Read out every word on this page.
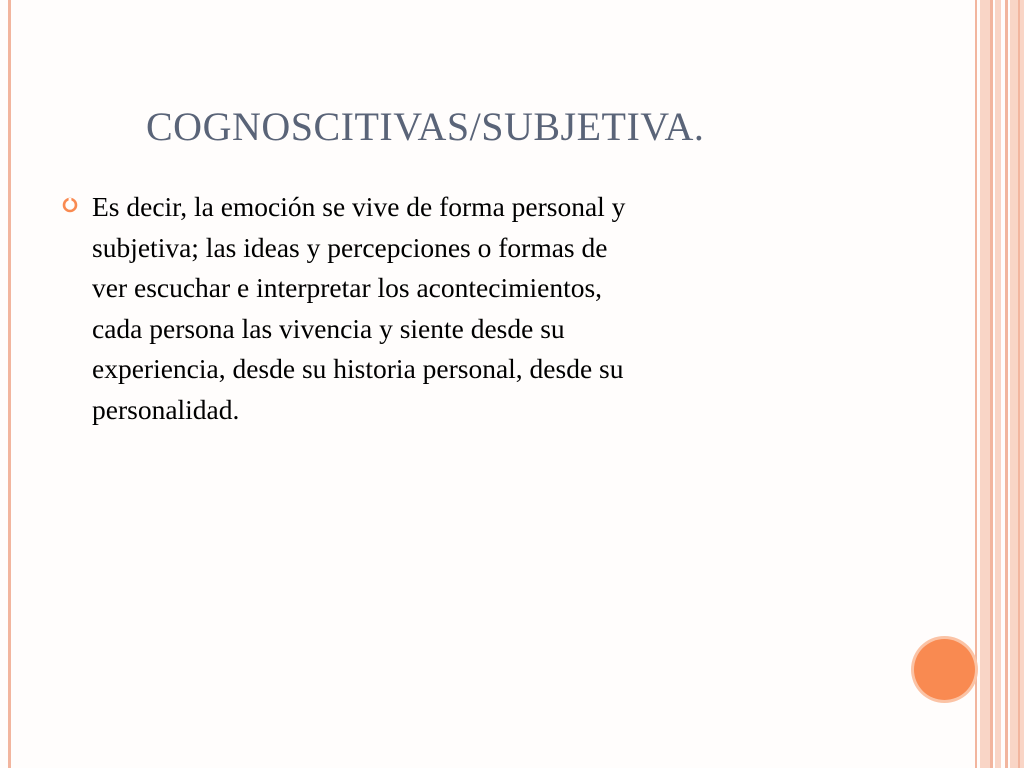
COGNOSCITIVAS/SUBJETIVA.

Es decir, la emoción se vive de forma personal y
subjetiva; las ideas y percepciones o formas de
ver escuchar e interpretar los acontecimientos,
cada persona las vivencia y siente desde su
experiencia, desde su historia personal, desde su
personalidad.
